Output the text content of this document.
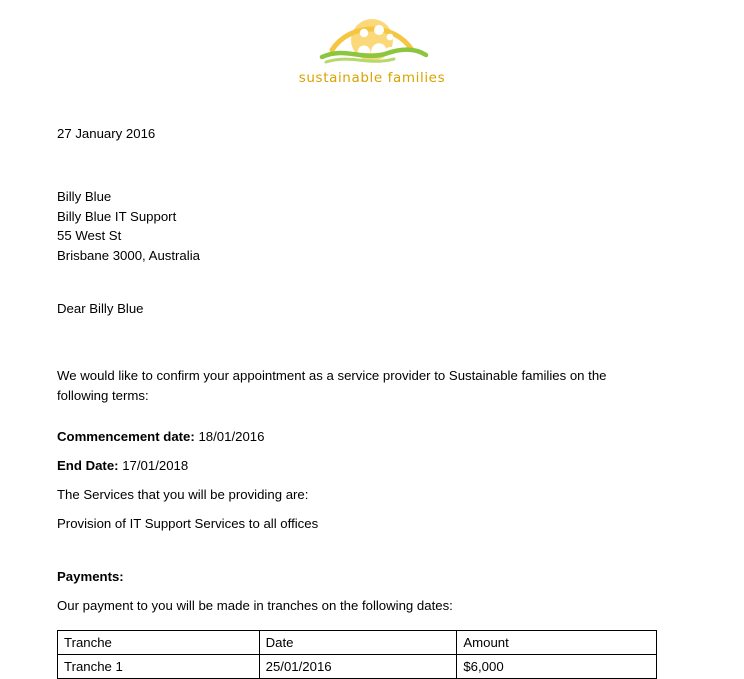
sustainable families

27 January 2016

Billy Blue

Billy Blue IT Support

55 West St

Brisbane 3000, Australia

Dear Billy Blue

We would like to confirm your appointment as a service provider to Sustainable families on the following terms:

Commencement date: 18/01/2016

End Date: 17/01/2018

The Services that you will be providing are:

Provision of IT Support Services to all offices

Payments:

Our payment to you will be made in tranches on the following dates:

Tranche	Date	Amount
Tranche 1	25/01/2016	$6,000
